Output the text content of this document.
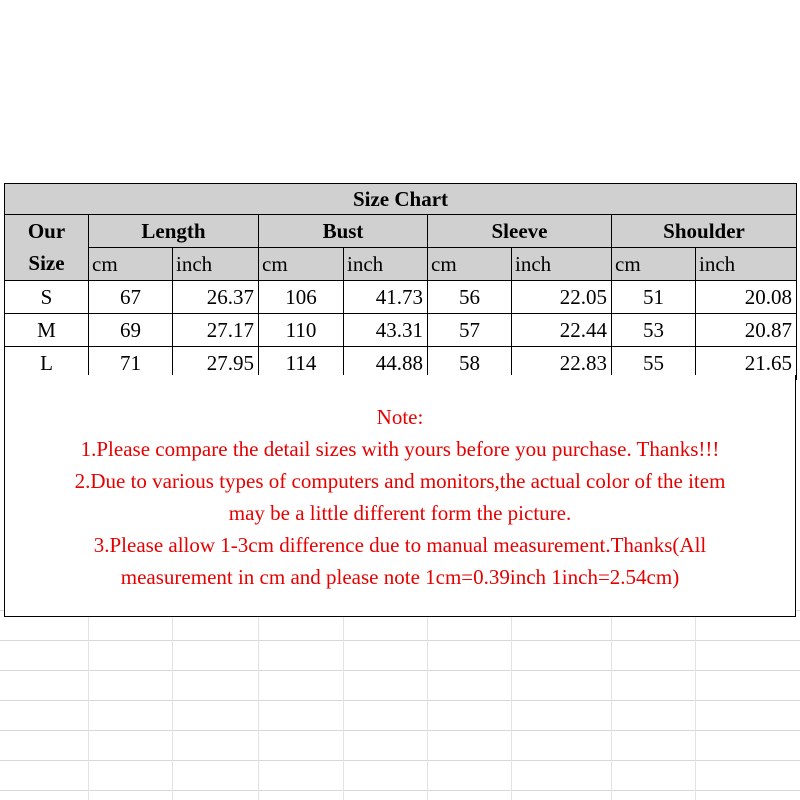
Size Chart								
Our	Length		Bust		Sleeve		Shoulder	
Size	cm	inch	cm	inch	cm	inch	cm	inch
S	67	26.37	106	41.73	56	22.05	51	20.08
M	69	27.17	110	43.31	57	22.44	53	20.87
L	71	27.95	114	44.88	58	22.83	55	21.65
Note:
1.Please compare the detail sizes with yours before you purchase. Thanks!!!
2.Due to various types of computers and monitors,the actual color of the item
may be a little different form the picture.
3.Please allow 1-3cm difference due to manual measurement.Thanks(All
measurement in cm and please note 1cm=0.39inch 1inch=2.54cm)
